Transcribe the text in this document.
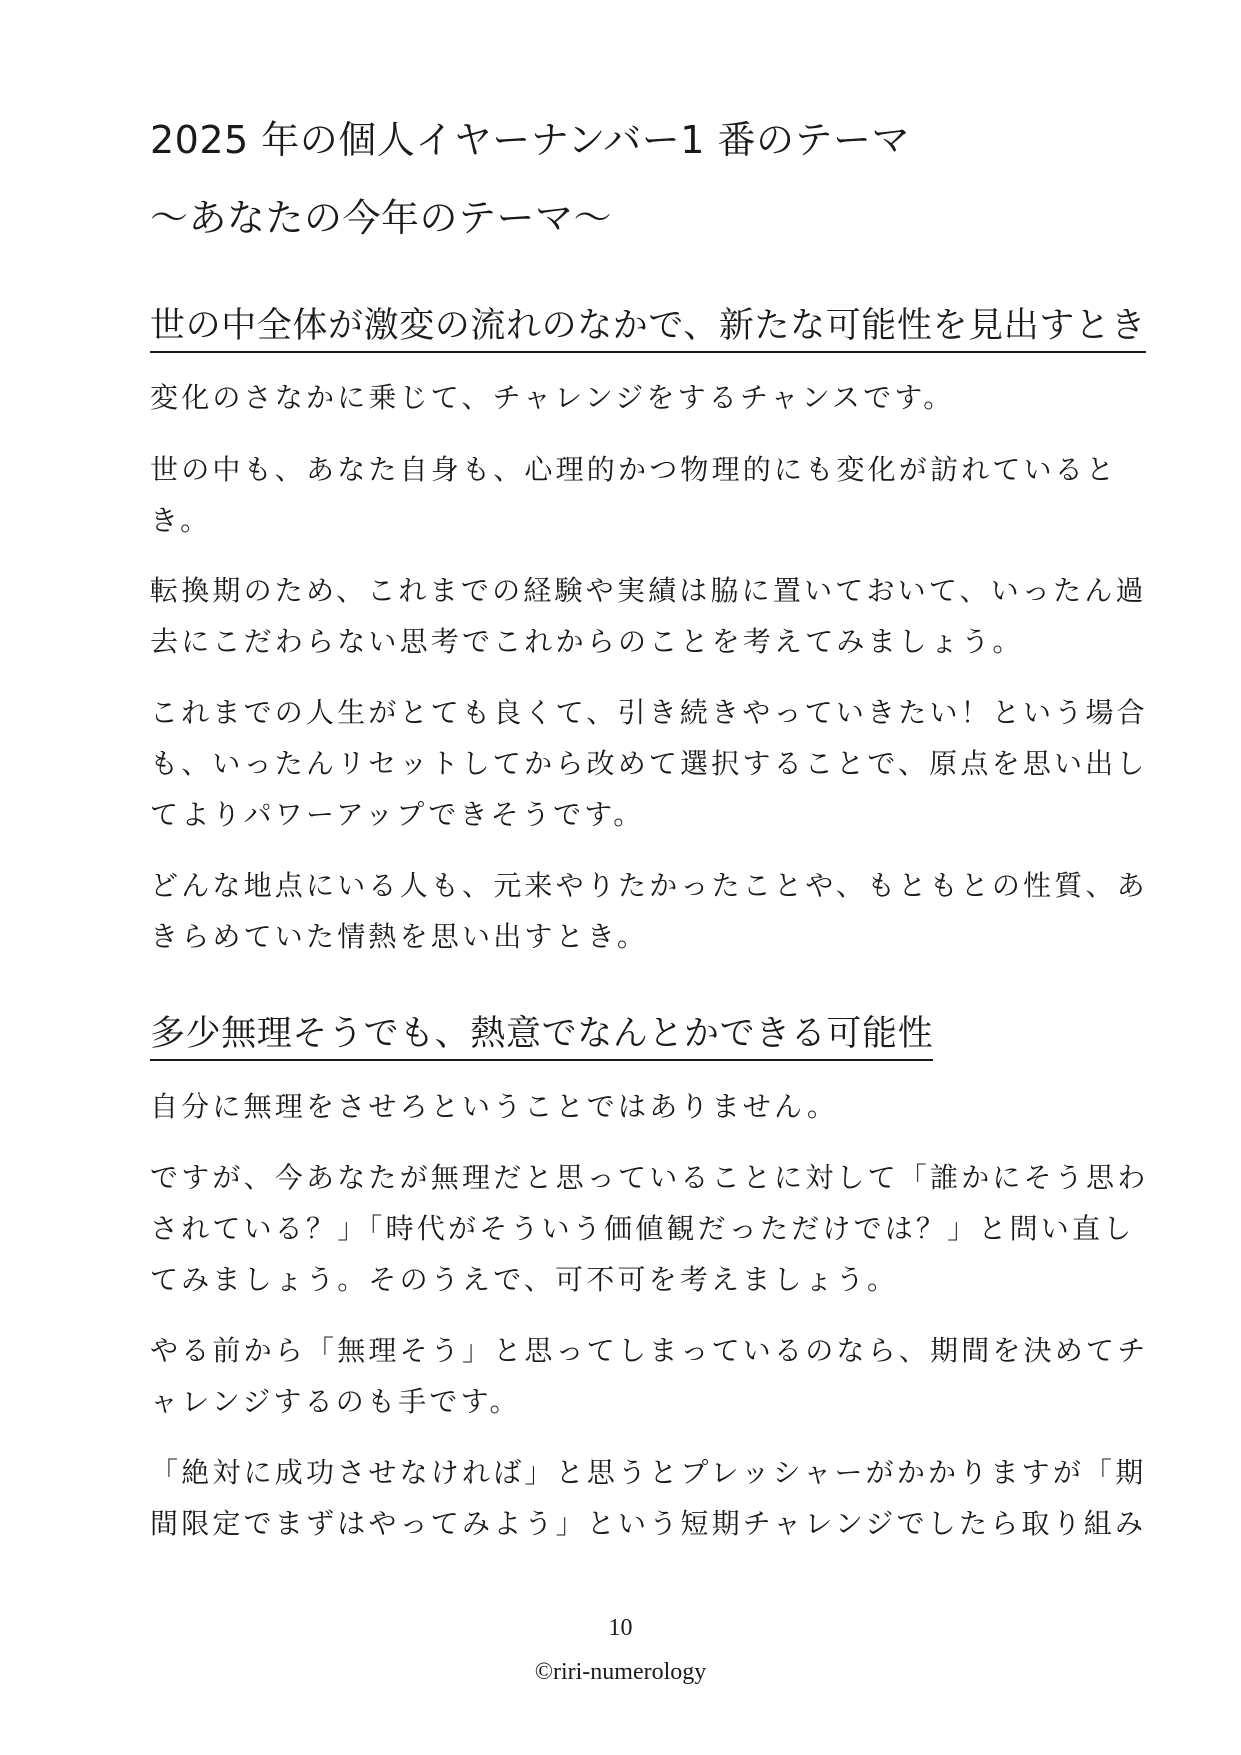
2025 年の個人イヤーナンバー1 番のテーマ
〜あなたの今年のテーマ〜
世の中全体が激変の流れのなかで、新たな可能性を見出すとき

変化のさなかに乗じて、チャレンジをするチャンスです。

世の中も、あなた自身も、心理的かつ物理的にも変化が訪れていると
き。

転換期のため、これまでの経験や実績は脇に置いておいて、いったん過
去にこだわらない思考でこれからのことを考えてみましょう。

これまでの人生がとても良くて、引き続きやっていきたい！という場合
も、いったんリセットしてから改めて選択することで、原点を思い出し
てよりパワーアップできそうです。

どんな地点にいる人も、元来やりたかったことや、もともとの性質、あ
きらめていた情熱を思い出すとき。

多少無理そうでも、熱意でなんとかできる可能性

自分に無理をさせろということではありません。

ですが、今あなたが無理だと思っていることに対して「誰かにそう思わ
されている？」「時代がそういう価値観だっただけでは？」と問い直し
てみましょう。そのうえで、可不可を考えましょう。

やる前から「無理そう」と思ってしまっているのなら、期間を決めてチ
ャレンジするのも手です。

「絶対に成功させなければ」と思うとプレッシャーがかかりますが「期
間限定でまずはやってみよう」という短期チャレンジでしたら取り組み

10

©riri-numerology
